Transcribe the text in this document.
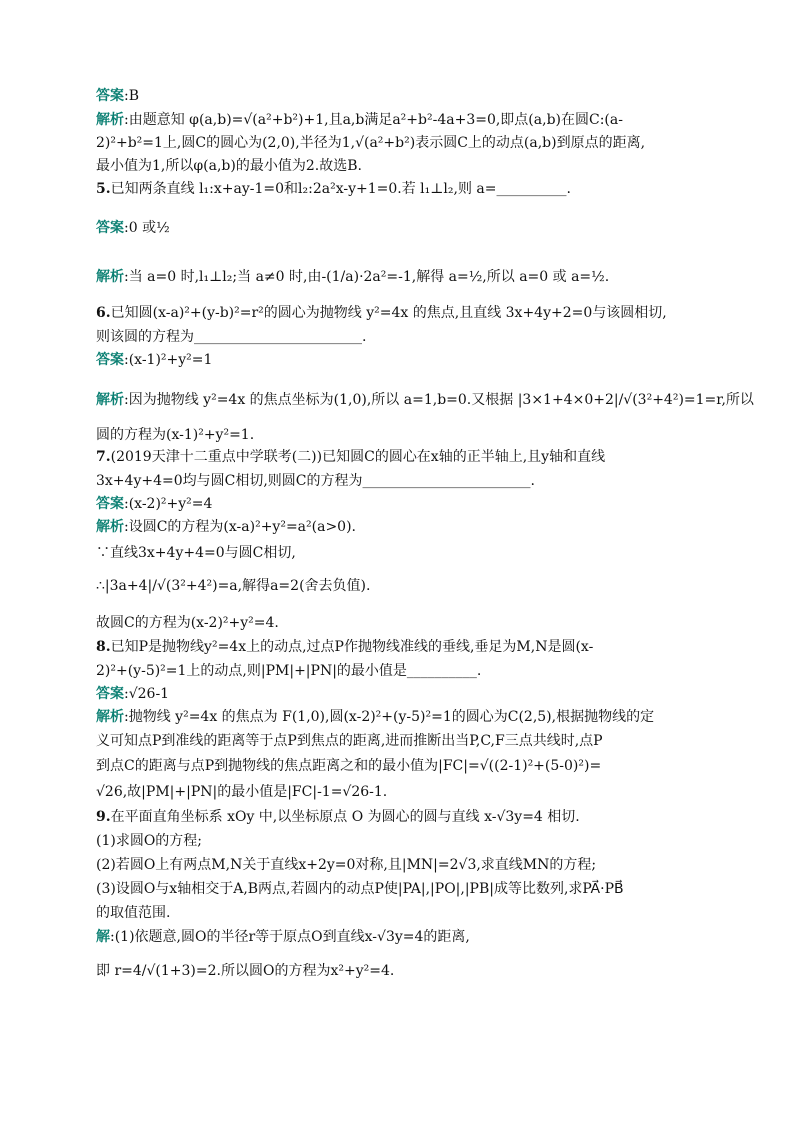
答案:B
解析:由题意知 φ(a,b)=√(a²+b²)+1,且a,b满足a²+b²-4a+3=0,即点(a,b)在圆C:(a-
2)²+b²=1上,圆C的圆心为(2,0),半径为1,√(a²+b²)表示圆C上的动点(a,b)到原点的距离,
最小值为1,所以φ(a,b)的最小值为2.故选B.
5.已知两条直线 l₁:x+ay-1=0和l₂:2a²x-y+1=0.若 l₁⊥l₂,则 a=__________.
答案:0 或½
解析:当 a=0 时,l₁⊥l₂;当 a≠0 时,由-(1/a)·2a²=-1,解得 a=½,所以 a=0 或 a=½.
6.已知圆(x-a)²+(y-b)²=r²的圆心为抛物线 y²=4x 的焦点,且直线 3x+4y+2=0与该圆相切,
则该圆的方程为________________________.
答案:(x-1)²+y²=1
解析:因为抛物线 y²=4x 的焦点坐标为(1,0),所以 a=1,b=0.又根据 |3×1+4×0+2|/√(3²+4²)=1=r,所以
圆的方程为(x-1)²+y²=1.
7.(2019天津十二重点中学联考(二))已知圆C的圆心在x轴的正半轴上,且y轴和直线
3x+4y+4=0均与圆C相切,则圆C的方程为________________________.
答案:(x-2)²+y²=4
解析:设圆C的方程为(x-a)²+y²=a²(a>0).
∵直线3x+4y+4=0与圆C相切,
∴|3a+4|/√(3²+4²)=a,解得a=2(舍去负值).
故圆C的方程为(x-2)²+y²=4.
8.已知P是抛物线y²=4x上的动点,过点P作抛物线准线的垂线,垂足为M,N是圆(x-
2)²+(y-5)²=1上的动点,则|PM|+|PN|的最小值是__________.
答案:√26-1
解析:抛物线 y²=4x 的焦点为 F(1,0),圆(x-2)²+(y-5)²=1的圆心为C(2,5),根据抛物线的定
义可知点P到准线的距离等于点P到焦点的距离,进而推断出当P,C,F三点共线时,点P
到点C的距离与点P到抛物线的焦点距离之和的最小值为|FC|=√((2-1)²+(5-0)²)=
√26,故|PM|+|PN|的最小值是|FC|-1=√26-1.
9.在平面直角坐标系 xOy 中,以坐标原点 O 为圆心的圆与直线 x-√3y=4 相切.
(1)求圆O的方程;
(2)若圆O上有两点M,N关于直线x+2y=0对称,且|MN|=2√3,求直线MN的方程;
(3)设圆O与x轴相交于A,B两点,若圆内的动点P使|PA|,|PO|,|PB|成等比数列,求PA⃗·PB⃗
的取值范围.
解:(1)依题意,圆O的半径r等于原点O到直线x-√3y=4的距离,
即 r=4/√(1+3)=2.所以圆O的方程为x²+y²=4.
